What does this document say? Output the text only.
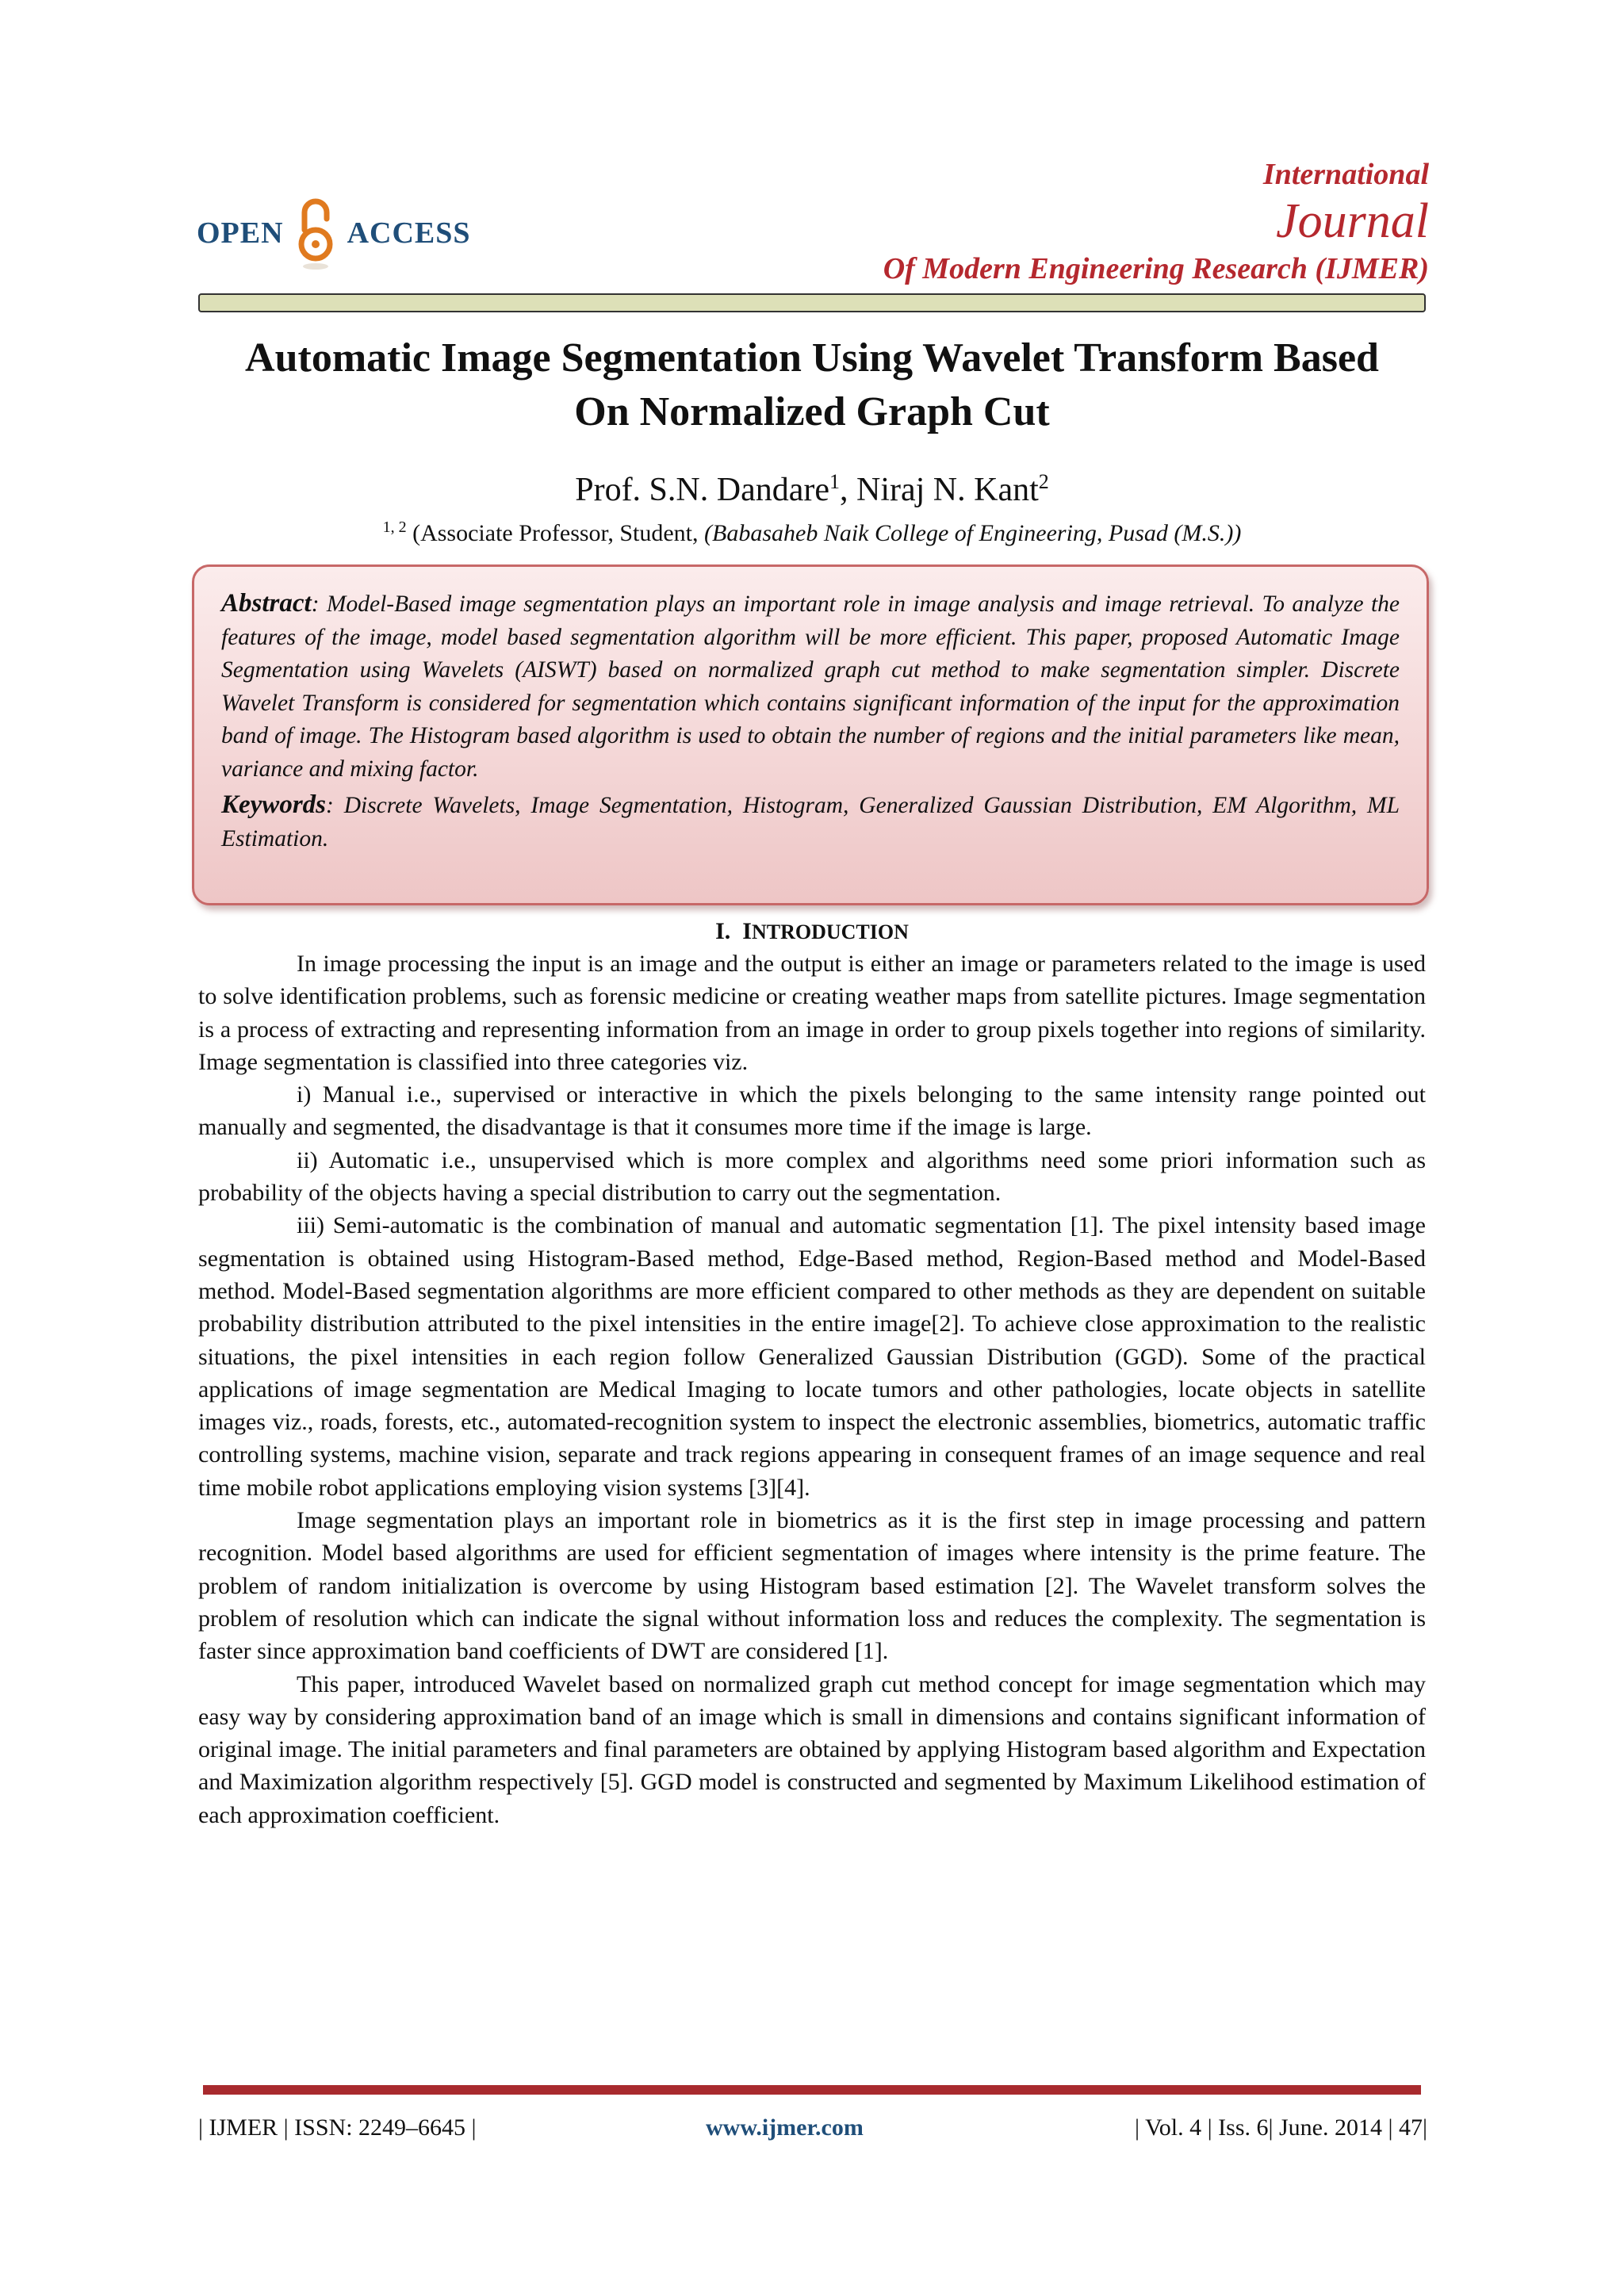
OPEN ACCESS
International
Journal
Of Modern Engineering Research (IJMER)
Automatic Image Segmentation Using Wavelet Transform Based
On Normalized Graph Cut
Prof. S.N. Dandare$^1$, Niraj N. Kant$^2$
$^{1, 2}$ (Associate Professor, Student, (Babasaheb Naik College of Engineering, Pusad (M.S.))

Abstract: Model-Based image segmentation plays an important role in image analysis and image retrieval. To analyze the features of the image, model based segmentation algorithm will be more efficient. This paper, proposed Automatic Image Segmentation using Wavelets (AISWT) based on normalized graph cut method to make segmentation simpler. Discrete Wavelet Transform is considered for segmentation which contains significant information of the input for the approximation band of image. The Histogram based algorithm is used to obtain the number of regions and the initial parameters like mean, variance and mixing factor.

Keywords: Discrete Wavelets, Image Segmentation, Histogram, Generalized Gaussian Distribution, EM Algorithm, ML Estimation.

I. INTRODUCTION

In image processing the input is an image and the output is either an image or parameters related to the image is used to solve identification problems, such as forensic medicine or creating weather maps from satellite pictures. Image segmentation is a process of extracting and representing information from an image in order to group pixels together into regions of similarity. Image segmentation is classified into three categories viz.

i) Manual i.e., supervised or interactive in which the pixels belonging to the same intensity range pointed out manually and segmented, the disadvantage is that it consumes more time if the image is large.

ii) Automatic i.e., unsupervised which is more complex and algorithms need some priori information such as probability of the objects having a special distribution to carry out the segmentation.

iii) Semi-automatic is the combination of manual and automatic segmentation [1]. The pixel intensity based image segmentation is obtained using Histogram-Based method, Edge-Based method, Region-Based method and Model-Based method. Model-Based segmentation algorithms are more efficient compared to other methods as they are dependent on suitable probability distribution attributed to the pixel intensities in the entire image[2]. To achieve close approximation to the realistic situations, the pixel intensities in each region follow Generalized Gaussian Distribution (GGD). Some of the practical applications of image segmentation are Medical Imaging to locate tumors and other pathologies, locate objects in satellite images viz., roads, forests, etc., automated-recognition system to inspect the electronic assemblies, biometrics, automatic traffic controlling systems, machine vision, separate and track regions appearing in consequent frames of an image sequence and real time mobile robot applications employing vision systems [3][4].

Image segmentation plays an important role in biometrics as it is the first step in image processing and pattern recognition. Model based algorithms are used for efficient segmentation of images where intensity is the prime feature. The problem of random initialization is overcome by using Histogram based estimation [2]. The Wavelet transform solves the problem of resolution which can indicate the signal without information loss and reduces the complexity. The segmentation is faster since approximation band coefficients of DWT are considered [1].

This paper, introduced Wavelet based on normalized graph cut method concept for image segmentation which may easy way by considering approximation band of an image which is small in dimensions and contains significant information of original image. The initial parameters and final parameters are obtained by applying Histogram based algorithm and Expectation and Maximization algorithm respectively [5]. GGD model is constructed and segmented by Maximum Likelihood estimation of each approximation coefficient.

| IJMER | ISSN: 2249–6645 |	www.ijmer.com	| Vol. 4 | Iss. 6| June. 2014 | 47|
